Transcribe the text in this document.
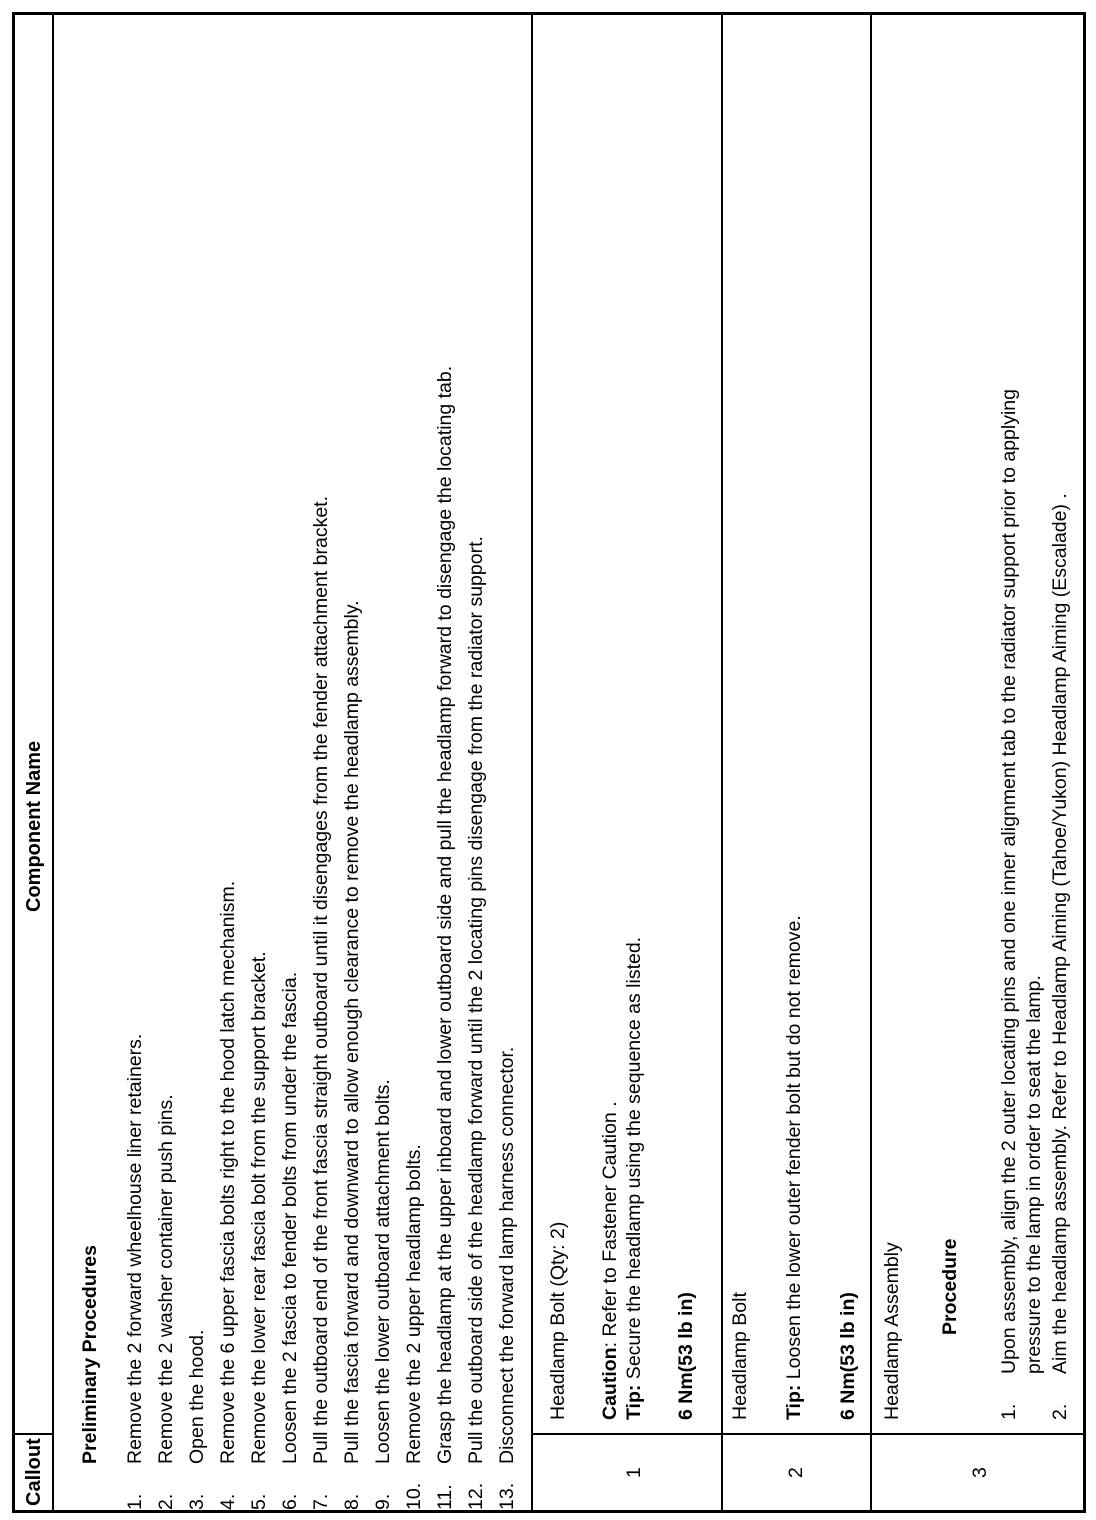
Callout
Component Name
Preliminary Procedures
1.Remove the 2 forward wheelhouse liner retainers.
2.Remove the 2 washer container push pins.
3.Open the hood.
4.Remove the 6 upper fascia bolts right to the hood latch mechanism.
5.Remove the lower rear fascia bolt from the support bracket.
6.Loosen the 2 fascia to fender bolts from under the fascia.
7.Pull the outboard end of the front fascia straight outboard until it disengages from the fender attachment bracket.
8.Pull the fascia forward and downward to allow enough clearance to remove the headlamp assembly.
9.Loosen the lower outboard attachment bolts.
10.Remove the 2 upper headlamp bolts.
11.Grasp the headlamp at the upper inboard and lower outboard side and pull the headlamp forward to disengage the locating tab.
12.Pull the outboard side of the headlamp forward until the 2 locating pins disengage from the radiator support.
13.Disconnect the forward lamp harness connector.
1
Headlamp Bolt (Qty: 2) Caution: Refer to Fastener Caution .
Tip: Secure the headlamp using the sequence as listed. 6 Nm(53 lb in)
2
Headlamp Bolt Tip: Loosen the lower outer fender bolt but do not remove. 6 Nm(53 lb in)
3
Headlamp Assembly Procedure
1.Upon assembly, align the 2 outer locating pins and one inner alignment tab to the radiator support prior to applying pressure to the lamp in order to seat the lamp.
2.Aim the headlamp assembly. Refer to Headlamp Aiming (Tahoe/Yukon) Headlamp Aiming (Escalade) .
